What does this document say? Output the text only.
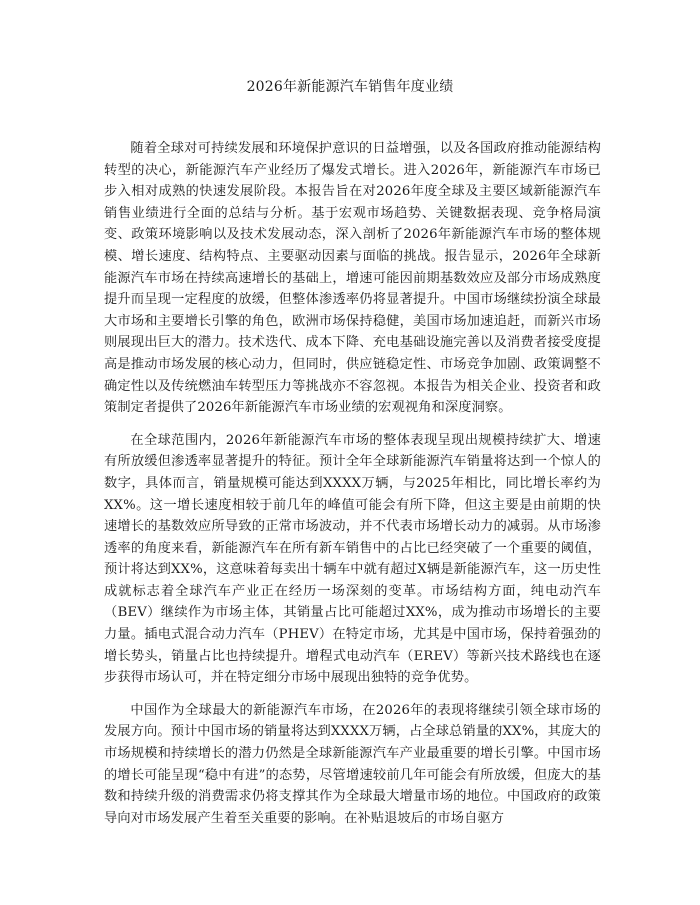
2026年新能源汽车销售年度业绩

随着全球对可持续发展和环境保护意识的日益增强，以及各国政府推动能源结构转型的决心，新能源汽车产业经历了爆发式增长。进入2026年，新能源汽车市场已步入相对成熟的快速发展阶段。本报告旨在对2026年度全球及主要区域新能源汽车销售业绩进行全面的总结与分析。基于宏观市场趋势、关键数据表现、竞争格局演变、政策环境影响以及技术发展动态，深入剖析了2026年新能源汽车市场的整体规模、增长速度、结构特点、主要驱动因素与面临的挑战。报告显示，2026年全球新能源汽车市场在持续高速增长的基础上，增速可能因前期基数效应及部分市场成熟度提升而呈现一定程度的放缓，但整体渗透率仍将显著提升。中国市场继续扮演全球最大市场和主要增长引擎的角色，欧洲市场保持稳健，美国市场加速追赶，而新兴市场则展现出巨大的潜力。技术迭代、成本下降、充电基础设施完善以及消费者接受度提高是推动市场发展的核心动力，但同时，供应链稳定性、市场竞争加剧、政策调整不确定性以及传统燃油车转型压力等挑战亦不容忽视。本报告为相关企业、投资者和政策制定者提供了2026年新能源汽车市场业绩的宏观视角和深度洞察。

在全球范围内，2026年新能源汽车市场的整体表现呈现出规模持续扩大、增速有所放缓但渗透率显著提升的特征。预计全年全球新能源汽车销量将达到一个惊人的数字，具体而言，销量规模可能达到XXXX万辆，与2025年相比，同比增长率约为XX%。这一增长速度相较于前几年的峰值可能会有所下降，但这主要是由前期的快速增长的基数效应所导致的正常市场波动，并不代表市场增长动力的减弱。从市场渗透率的角度来看，新能源汽车在所有新车销售中的占比已经突破了一个重要的阈值，预计将达到XX%，这意味着每卖出十辆车中就有超过X辆是新能源汽车，这一历史性成就标志着全球汽车产业正在经历一场深刻的变革。市场结构方面，纯电动汽车（BEV）继续作为市场主体，其销量占比可能超过XX%，成为推动市场增长的主要力量。插电式混合动力汽车（PHEV）在特定市场，尤其是中国市场，保持着强劲的增长势头，销量占比也持续提升。增程式电动汽车（EREV）等新兴技术路线也在逐步获得市场认可，并在特定细分市场中展现出独特的竞争优势。

中国作为全球最大的新能源汽车市场，在2026年的表现将继续引领全球市场的发展方向。预计中国市场的销量将达到XXXX万辆，占全球总销量的XX%，其庞大的市场规模和持续增长的潜力仍然是全球新能源汽车产业最重要的增长引擎。中国市场的增长可能呈现“稳中有进”的态势，尽管增速较前几年可能会有所放缓，但庞大的基数和持续升级的消费需求仍将支撑其作为全球最大增量市场的地位。中国政府的政策导向对市场发展产生着至关重要的影响。在补贴退坡后的市场自驱方
